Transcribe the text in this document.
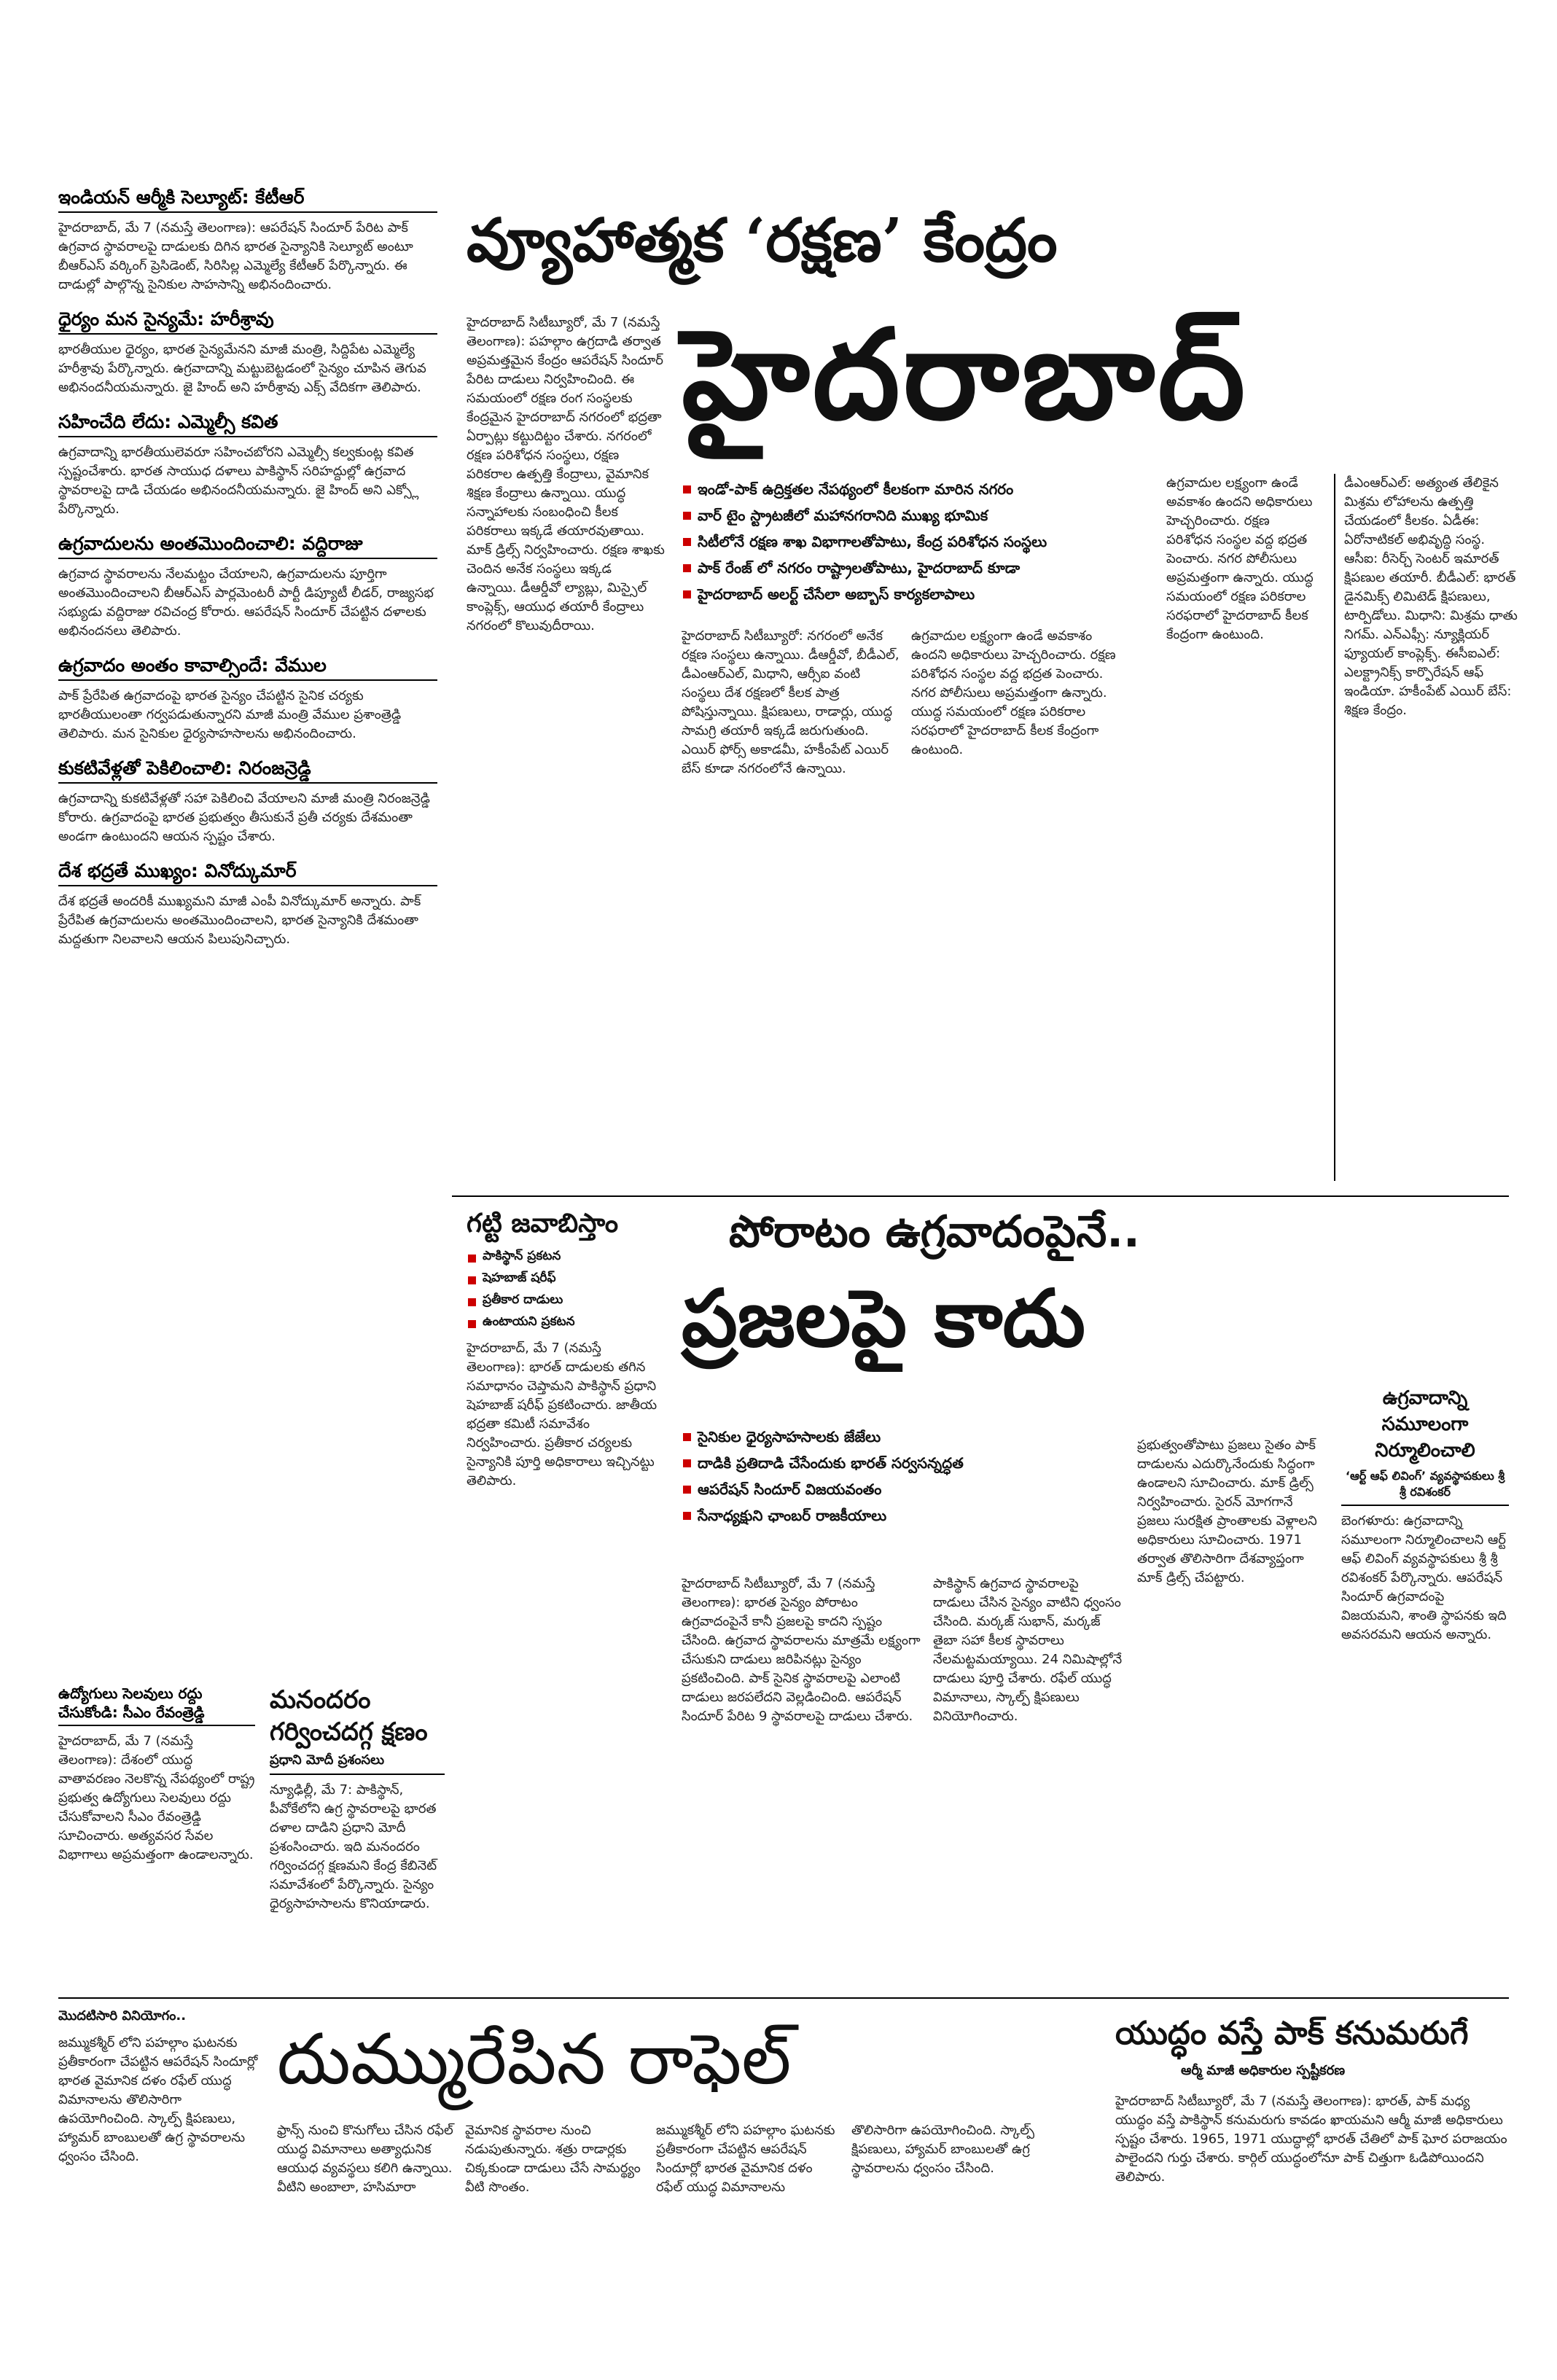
ఇండియన్ ఆర్మీకి సెల్యూట్: కేటీఆర్

హైదరాబాద్, మే 7 (నమస్తే తెలంగాణ): ఆపరేషన్ సిందూర్ పేరిట పాక్ ఉగ్రవాద స్థావరాలపై దాడులకు దిగిన భారత సైన్యానికి సెల్యూట్ అంటూ బీఆర్ఎస్ వర్కింగ్ ప్రెసిడెంట్, సిరిసిల్ల ఎమ్మెల్యే కేటీఆర్ పేర్కొన్నారు. ఈ దాడుల్లో పాల్గొన్న సైనికుల సాహసాన్ని అభినందించారు.

ధైర్యం మన సైన్యమే: హరీశ్రావు

భారతీయుల ధైర్యం, భారత సైన్యమేనని మాజీ మంత్రి, సిద్దిపేట ఎమ్మెల్యే హరీశ్రావు పేర్కొన్నారు. ఉగ్రవాదాన్ని మట్టుబెట్టడంలో సైన్యం చూపిన తెగువ అభినందనీయమన్నారు. జై హింద్ అని హరీశ్రావు ఎక్స్ వేదికగా తెలిపారు.

సహించేది లేదు: ఎమ్మెల్సీ కవిత

ఉగ్రవాదాన్ని భారతీయులెవరూ సహించబోరని ఎమ్మెల్సీ కల్వకుంట్ల కవిత స్పష్టంచేశారు. భారత సాయుధ దళాలు పాకిస్థాన్ సరిహద్దుల్లో ఉగ్రవాద స్థావరాలపై దాడి చేయడం అభినందనీయమన్నారు. జై హింద్ అని ఎక్స్లో పేర్కొన్నారు.

ఉగ్రవాదులను అంతమొందించాలి: వద్దిరాజు

ఉగ్రవాద స్థావరాలను నేలమట్టం చేయాలని, ఉగ్రవాదులను పూర్తిగా అంతమొందించాలని బీఆర్ఎస్ పార్లమెంటరీ పార్టీ డిప్యూటీ లీడర్, రాజ్యసభ సభ్యుడు వద్దిరాజు రవిచంద్ర కోరారు. ఆపరేషన్ సిందూర్ చేపట్టిన దళాలకు అభినందనలు తెలిపారు.

ఉగ్రవాదం అంతం కావాల్సిందే: వేముల

పాక్ ప్రేరేపిత ఉగ్రవాదంపై భారత సైన్యం చేపట్టిన సైనిక చర్యకు భారతీయులంతా గర్వపడుతున్నారని మాజీ మంత్రి వేముల ప్రశాంత్రెడ్డి తెలిపారు. మన సైనికుల ధైర్యసాహసాలను అభినందించారు.

కుకటివేళ్లతో పెకిలించాలి: నిరంజన్రెడ్డి

ఉగ్రవాదాన్ని కుకటివేళ్లతో సహా పెకిలించి వేయాలని మాజీ మంత్రి నిరంజన్రెడ్డి కోరారు. ఉగ్రవాదంపై భారత ప్రభుత్వం తీసుకునే ప్రతీ చర్యకు దేశమంతా అండగా ఉంటుందని ఆయన స్పష్టం చేశారు.

దేశ భద్రతే ముఖ్యం: వినోద్కుమార్

దేశ భద్రతే అందరికీ ముఖ్యమని మాజీ ఎంపీ వినోద్కుమార్ అన్నారు. పాక్ ప్రేరేపిత ఉగ్రవాదులను అంతమొందించాలని, భారత సైన్యానికి దేశమంతా మద్దతుగా నిలవాలని ఆయన పిలుపునిచ్చారు.

వ్యూహాత్మక ‘రక్షణ’ కేంద్రం
హైదరాబాద్

హైదరాబాద్ సిటీబ్యూరో, మే 7 (నమస్తే తెలంగాణ): పహల్గాం ఉగ్రదాడి తర్వాత అప్రమత్తమైన కేంద్రం ఆపరేషన్ సిందూర్ పేరిట దాడులు నిర్వహించింది. ఈ సమయంలో రక్షణ రంగ సంస్థలకు కేంద్రమైన హైదరాబాద్ నగరంలో భద్రతా ఏర్పాట్లు కట్టుదిట్టం చేశారు. నగరంలో రక్షణ పరిశోధన సంస్థలు, రక్షణ పరికరాల ఉత్పత్తి కేంద్రాలు, వైమానిక శిక్షణ కేంద్రాలు ఉన్నాయి. యుద్ధ సన్నాహాలకు సంబంధించి కీలక పరికరాలు ఇక్కడే తయారవుతాయి. మాక్ డ్రిల్స్ నిర్వహించారు. రక్షణ శాఖకు చెందిన అనేక సంస్థలు ఇక్కడ ఉన్నాయి. డీఆర్డీవో ల్యాబ్లు, మిస్సైల్ కాంప్లెక్స్, ఆయుధ తయారీ కేంద్రాలు నగరంలో కొలువుదీరాయి.

ఇండో-పాక్ ఉద్రిక్తతల నేపథ్యంలో కీలకంగా మారిన నగరం
వార్ టైం స్ట్రాటజీలో మహానగరానిది ముఖ్య భూమిక
సిటీలోనే రక్షణ శాఖ విభాగాలతోపాటు, కేంద్ర పరిశోధన సంస్థలు
పాక్ రేంజ్ లో నగరం రాష్ట్రాలతోపాటు, హైదరాబాద్ కూడా
హైదరాబాద్ అలర్ట్ చేసేలా అబ్బాస్ కార్యకలాపాలు

హైదరాబాద్ సిటీబ్యూరో: నగరంలో అనేక రక్షణ సంస్థలు ఉన్నాయి. డీఆర్డీవో, బీడీఎల్, డీఎంఆర్ఎల్, మిధాని, ఆర్సీఐ వంటి సంస్థలు దేశ రక్షణలో కీలక పాత్ర పోషిస్తున్నాయి. క్షిపణులు, రాడార్లు, యుద్ధ సామగ్రి తయారీ ఇక్కడే జరుగుతుంది. ఎయిర్ ఫోర్స్ అకాడమీ, హకీంపేట్ ఎయిర్ బేస్ కూడా నగరంలోనే ఉన్నాయి.

ఉగ్రవాదుల లక్ష్యంగా ఉండే అవకాశం ఉందని అధికారులు హెచ్చరించారు. రక్షణ పరిశోధన సంస్థల వద్ద భద్రత పెంచారు. నగర పోలీసులు అప్రమత్తంగా ఉన్నారు. యుద్ధ సమయంలో రక్షణ పరికరాల సరఫరాలో హైదరాబాద్ కీలక కేంద్రంగా ఉంటుంది.

ఉగ్రవాదుల లక్ష్యంగా ఉండే అవకాశం ఉందని అధికారులు హెచ్చరించారు. రక్షణ పరిశోధన సంస్థల వద్ద భద్రత పెంచారు. నగర పోలీసులు అప్రమత్తంగా ఉన్నారు. యుద్ధ సమయంలో రక్షణ పరికరాల సరఫరాలో హైదరాబాద్ కీలక కేంద్రంగా ఉంటుంది.

డీఎంఆర్ఎల్: అత్యంత తేలికైన మిశ్రమ లోహాలను ఉత్పత్తి చేయడంలో కీలకం. ఏడీఈ: ఏరోనాటికల్ అభివృద్ధి సంస్థ. ఆసీఐ: రీసెర్చ్ సెంటర్ ఇమారత్ క్షిపణుల తయారీ. బీడీఎల్: భారత్ డైనమిక్స్ లిమిటెడ్ క్షిపణులు, టార్పిడోలు. మిధాని: మిశ్రమ ధాతు నిగమ్. ఎన్ఎఫ్సీ: న్యూక్లియర్ ఫ్యూయల్ కాంప్లెక్స్. ఈసీఐఎల్: ఎలక్ట్రానిక్స్ కార్పొరేషన్ ఆఫ్ ఇండియా. హకీంపేట్ ఎయిర్ బేస్: శిక్షణ కేంద్రం.

ఉద్యోగులు సెలవులు రద్దు చేసుకోండి: సీఎం రేవంత్రెడ్డి

హైదరాబాద్, మే 7 (నమస్తే తెలంగాణ): దేశంలో యుద్ధ వాతావరణం నెలకొన్న నేపథ్యంలో రాష్ట్ర ప్రభుత్వ ఉద్యోగులు సెలవులు రద్దు చేసుకోవాలని సీఎం రేవంత్రెడ్డి సూచించారు. అత్యవసర సేవల విభాగాలు అప్రమత్తంగా ఉండాలన్నారు.

మనందరం గర్వించదగ్గ క్షణం
ప్రధాని మోదీ ప్రశంసలు

న్యూఢిల్లీ, మే 7: పాకిస్థాన్, పీవోకేలోని ఉగ్ర స్థావరాలపై భారత దళాల దాడిని ప్రధాని మోదీ ప్రశంసించారు. ఇది మనందరం గర్వించదగ్గ క్షణమని కేంద్ర కేబినెట్ సమావేశంలో పేర్కొన్నారు. సైన్యం ధైర్యసాహసాలను కొనియాడారు.

గట్టి జవాబిస్తాం
పాకిస్థాన్ ప్రకటన
షెహబాజ్ షరీఫ్
ప్రతీకార దాడులు
ఉంటాయని ప్రకటన

హైదరాబాద్, మే 7 (నమస్తే తెలంగాణ): భారత్ దాడులకు తగిన సమాధానం చెప్తామని పాకిస్థాన్ ప్రధాని షెహబాజ్ షరీఫ్ ప్రకటించారు. జాతీయ భద్రతా కమిటీ సమావేశం నిర్వహించారు. ప్రతీకార చర్యలకు సైన్యానికి పూర్తి అధికారాలు ఇచ్చినట్టు తెలిపారు.

పోరాటం ఉగ్రవాదంపైనే..
ప్రజలపై కాదు
సైనికుల ధైర్యసాహసాలకు జేజేలు
దాడికి ప్రతిదాడి చేసేందుకు భారత్ సర్వసన్నద్ధత
ఆపరేషన్ సిందూర్ విజయవంతం
సేనాధ్యక్షుని ఛాంబర్ రాజకీయాలు

హైదరాబాద్ సిటీబ్యూరో, మే 7 (నమస్తే తెలంగాణ): భారత సైన్యం పోరాటం ఉగ్రవాదంపైనే కానీ ప్రజలపై కాదని స్పష్టం చేసింది. ఉగ్రవాద స్థావరాలను మాత్రమే లక్ష్యంగా చేసుకుని దాడులు జరిపినట్లు సైన్యం ప్రకటించింది. పాక్ సైనిక స్థావరాలపై ఎలాంటి దాడులు జరపలేదని వెల్లడించింది. ఆపరేషన్ సిందూర్ పేరిట 9 స్థావరాలపై దాడులు చేశారు.

పాకిస్థాన్ ఉగ్రవాద స్థావరాలపై దాడులు చేసిన సైన్యం వాటిని ధ్వంసం చేసింది. మర్కజ్ సుభాన్, మర్కజ్ తైబా సహా కీలక స్థావరాలు నేలమట్టమయ్యాయి. 24 నిమిషాల్లోనే దాడులు పూర్తి చేశారు. రఫేల్ యుద్ధ విమానాలు, స్కాల్ప్ క్షిపణులు వినియోగించారు.

ప్రభుత్వంతోపాటు ప్రజలు సైతం పాక్ దాడులను ఎదుర్కొనేందుకు సిద్ధంగా ఉండాలని సూచించారు. మాక్ డ్రిల్స్ నిర్వహించారు. సైరన్ మోగగానే ప్రజలు సురక్షిత ప్రాంతాలకు వెళ్లాలని అధికారులు సూచించారు. 1971 తర్వాత తొలిసారిగా దేశవ్యాప్తంగా మాక్ డ్రిల్స్ చేపట్టారు.

ఉగ్రవాదాన్ని సమూలంగా నిర్మూలించాలి
‘ఆర్ట్ ఆఫ్ లివింగ్’ వ్యవస్థాపకులు శ్రీ శ్రీ రవిశంకర్

బెంగళూరు: ఉగ్రవాదాన్ని సమూలంగా నిర్మూలించాలని ఆర్ట్ ఆఫ్ లివింగ్ వ్యవస్థాపకులు శ్రీ శ్రీ రవిశంకర్ పేర్కొన్నారు. ఆపరేషన్ సిందూర్ ఉగ్రవాదంపై విజయమని, శాంతి స్థాపనకు ఇది అవసరమని ఆయన అన్నారు.

మొదటిసారి వినియోగం..
దుమ్మురేపిన రాఫెల్

జమ్ముకశ్మీర్ లోని పహల్గాం ఘటనకు ప్రతీకారంగా చేపట్టిన ఆపరేషన్ సిందూర్లో భారత వైమానిక దళం రఫేల్ యుద్ధ విమానాలను తొలిసారిగా ఉపయోగించింది. స్కాల్ప్ క్షిపణులు, హ్యామర్ బాంబులతో ఉగ్ర స్థావరాలను ధ్వంసం చేసింది.

ఫ్రాన్స్ నుంచి కొనుగోలు చేసిన రఫేల్ యుద్ధ విమానాలు అత్యాధునిక ఆయుధ వ్యవస్థలు కలిగి ఉన్నాయి. వీటిని అంబాలా, హసిమారా వైమానిక స్థావరాల నుంచి నడుపుతున్నారు. శత్రు రాడార్లకు చిక్కకుండా దాడులు చేసే సామర్థ్యం వీటి సొంతం.

జమ్ముకశ్మీర్ లోని పహల్గాం ఘటనకు ప్రతీకారంగా చేపట్టిన ఆపరేషన్ సిందూర్లో భారత వైమానిక దళం రఫేల్ యుద్ధ విమానాలను తొలిసారిగా ఉపయోగించింది. స్కాల్ప్ క్షిపణులు, హ్యామర్ బాంబులతో ఉగ్ర స్థావరాలను ధ్వంసం చేసింది.

యుద్ధం వస్తే పాక్ కనుమరుగే
ఆర్మీ మాజీ అధికారుల స్పష్టీకరణ

హైదరాబాద్ సిటీబ్యూరో, మే 7 (నమస్తే తెలంగాణ): భారత్, పాక్ మధ్య యుద్ధం వస్తే పాకిస్థాన్ కనుమరుగు కావడం ఖాయమని ఆర్మీ మాజీ అధికారులు స్పష్టం చేశారు. 1965, 1971 యుద్ధాల్లో భారత్ చేతిలో పాక్ ఘోర పరాజయం పాలైందని గుర్తు చేశారు. కార్గిల్ యుద్ధంలోనూ పాక్ చిత్తుగా ఓడిపోయిందని తెలిపారు.
